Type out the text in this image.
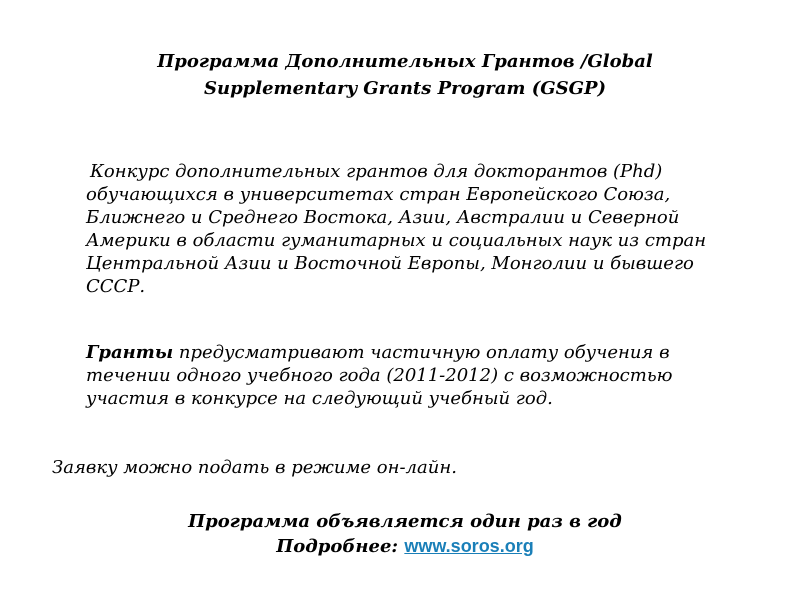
Программа Дополнительных Грантов /Global
Supplementary Grants Program (GSGP)
Конкурс дополнительных грантов для докторантов (Phd) обучающихся в университетах стран Европейского Союза, Ближнего и Среднего Востока, Азии, Австралии и Северной Америки в области гуманитарных и социальных наук из стран Центральной Азии и Восточной Европы, Монголии и бывшего СССР.
Гранты предусматривают частичную оплату обучения в течении одного учебного года (2011-2012) с возможностью участия в конкурсе на следующий учебный год.
Заявку можно подать в режиме он-лайн.
Программа объявляется один раз в год
Подробнее: www.soros.org
